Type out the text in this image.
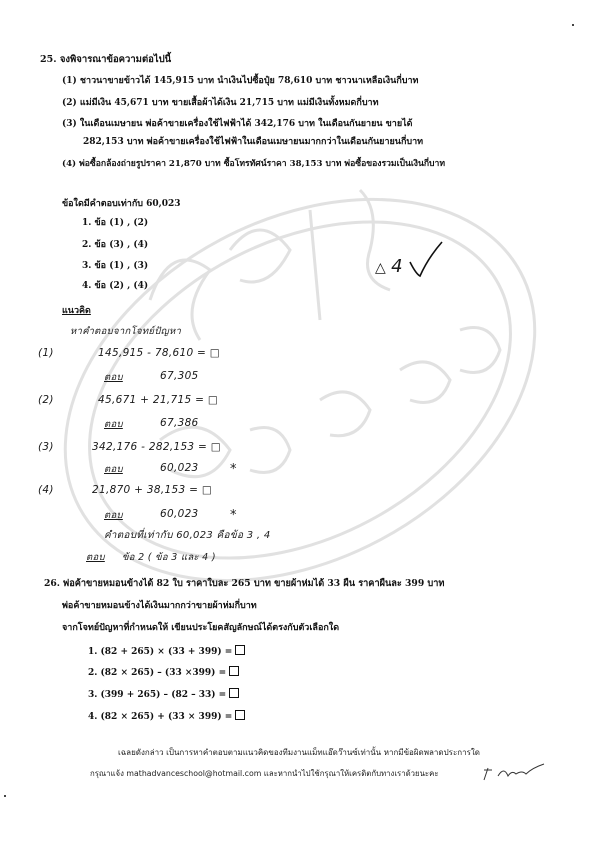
25. จงพิจารณาข้อความต่อไปนี้
(1) ชาวนาขายข้าวได้ 145,915 บาท นำเงินไปซื้อปุ๋ย 78,610 บาท ชาวนาเหลือเงินกี่บาท
(2) แม่มีเงิน 45,671 บาท ขายเสื้อผ้าได้เงิน 21,715 บาท แม่มีเงินทั้งหมดกี่บาท
(3) ในเดือนเมษายน พ่อค้าขายเครื่องใช้ไฟฟ้าได้ 342,176 บาท ในเดือนกันยายน ขายได้
282,153 บาท พ่อค้าขายเครื่องใช้ไฟฟ้าในเดือนเมษายนมากกว่าในเดือนกันยายนกี่บาท
(4) พ่อซื้อกล้องถ่ายรูปราคา 21,870 บาท ซื้อโทรทัศน์ราคา 38,153 บาท พ่อซื้อของรวมเป็นเงินกี่บาท
ข้อใดมีคำตอบเท่ากับ 60,023
1. ข้อ (1) , (2)
2. ข้อ (3) , (4)
3. ข้อ (1) , (3)
4. ข้อ (2) , (4)
△ 4
แนวคิด
หาคำตอบจากโจทย์ปัญหา
(1)	145,915 - 78,610 = □
ตอบ	67,305
(2)	45,671 + 21,715 = □
ตอบ	67,386
(3)	342,176 - 282,153 = □
ตอบ	60,023 *
(4)	21,870 + 38,153 = □
ตอบ	60,023 *
คำตอบที่เท่ากับ 60,023 คือข้อ 3 , 4
ตอบ ข้อ 2 ( ข้อ 3 และ 4 )
26. พ่อค้าขายหมอนข้างได้ 82 ใบ ราคาใบละ 265 บาท ขายผ้าห่มได้ 33 ผืน ราคาผืนละ 399 บาท
พ่อค้าขายหมอนข้างได้เงินมากกว่าขายผ้าห่มกี่บาท
จากโจทย์ปัญหาที่กำหนดให้ เขียนประโยคสัญลักษณ์ได้ตรงกับตัวเลือกใด
1. (82 + 265) × (33 + 399) =
2. (82 × 265) – (33 ×399) =
3. (399 + 265) – (82 – 33) =
4. (82 × 265) + (33 × 399) =
เฉลยดังกล่าว เป็นการหาคำตอบตามแนวคิดของทีมงานแม็ทแอ๊ดว๊านซ์เท่านั้น หากมีข้อผิดพลาดประการใด
กรุณาแจ้ง mathadvanceschool@hotmail.com และหากนำไปใช้กรุณาให้เครดิตกับทางเราด้วยนะคะ
